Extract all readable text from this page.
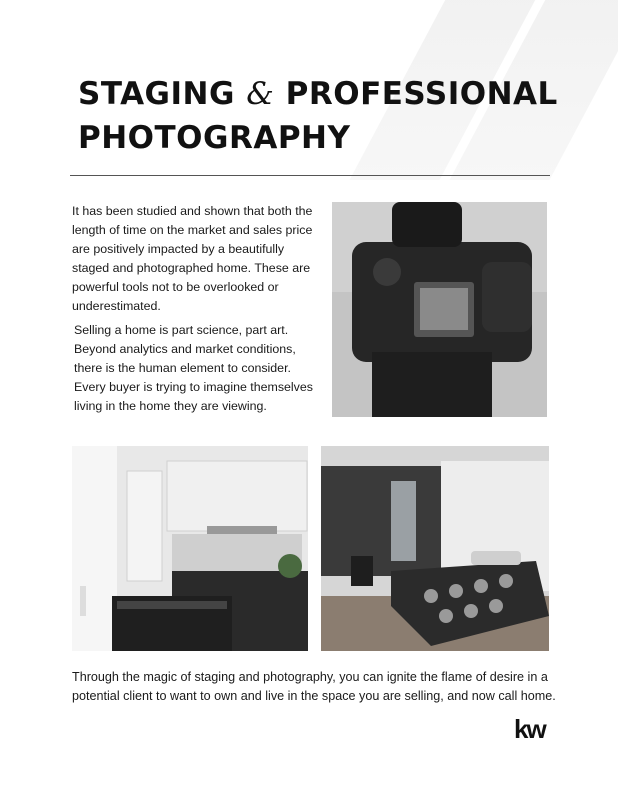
STAGING & PROFESSIONAL
PHOTOGRAPHY

It has been studied and shown that both the length of time on the market and sales price are positively impacted by a beautifully staged and photographed home. These are powerful tools not to be overlooked or underestimated.

Selling a home is part science, part art. Beyond analytics and market conditions, there is the human element to consider. Every buyer is trying to imagine themselves living in the home they are viewing.

Through the magic of staging and photography, you can ignite the flame of desire in a potential client to want to own and live in the space you are selling, and now call home.

kw
